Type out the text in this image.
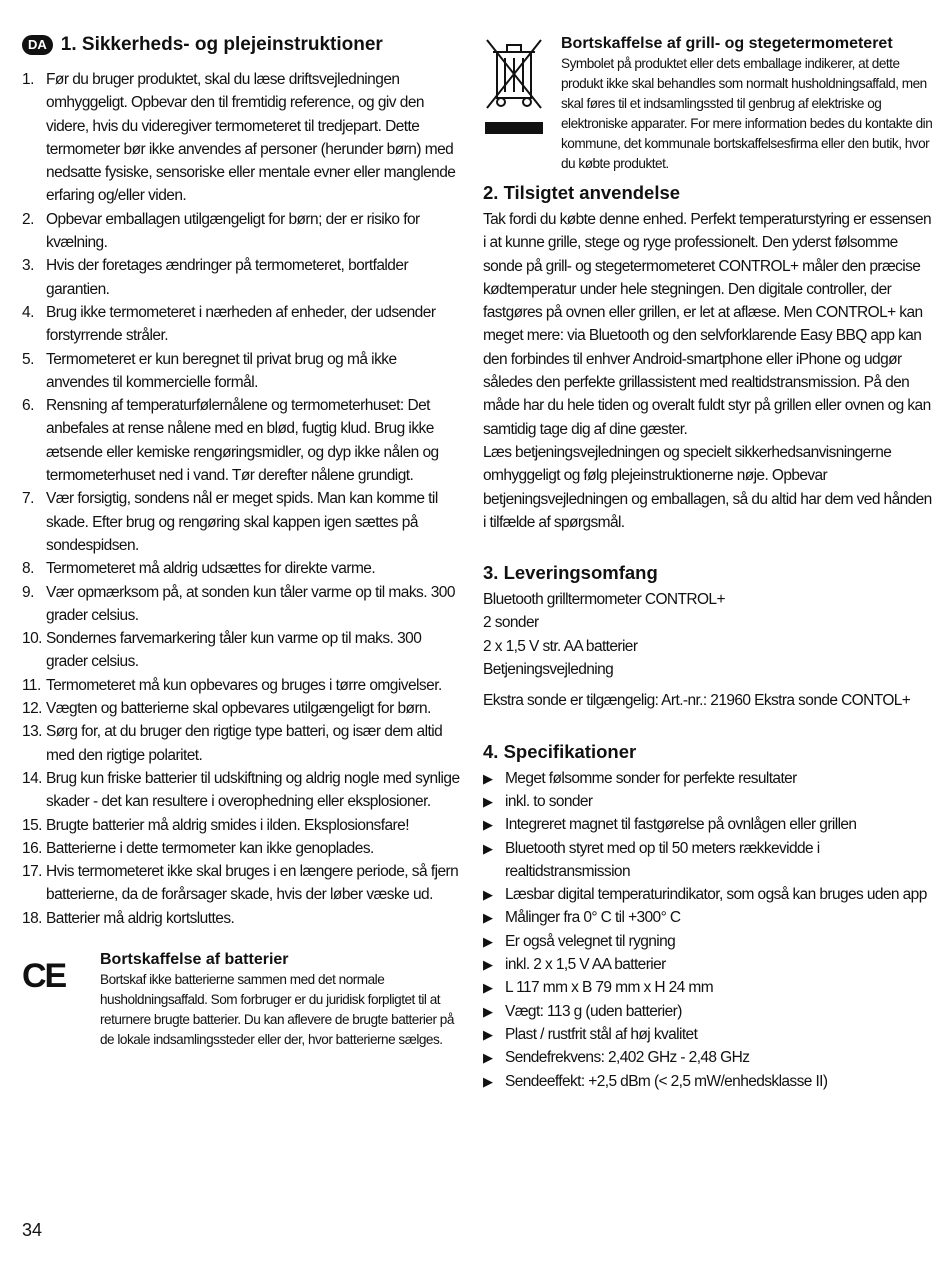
DA 1. Sikkerheds- og plejeinstruktioner
1. Før du bruger produktet, skal du læse driftsvejledningen omhyggeligt. Opbevar den til fremtidig reference, og giv den videre, hvis du videregiver termometeret til tredjepart. Dette termometer bør ikke anvendes af personer (herunder børn) med nedsatte fysiske, sensoriske eller mentale evner eller manglende erfaring og/eller viden.
2. Opbevar emballagen utilgængeligt for børn; der er risiko for kvælning.
3. Hvis der foretages ændringer på termometeret, bortfalder garantien.
4. Brug ikke termometeret i nærheden af enheder, der udsender forstyrrende stråler.
5. Termometeret er kun beregnet til privat brug og må ikke anvendes til kommercielle formål.
6. Rensning af temperaturfølernålene og termometerhuset: Det anbefales at rense nålene med en blød, fugtig klud. Brug ikke ætsende eller kemiske rengøringsmidler, og dyp ikke nålen og termometerhuset ned i vand. Tør derefter nålene grundigt.
7. Vær forsigtig, sondens nål er meget spids. Man kan komme til skade. Efter brug og rengøring skal kappen igen sættes på sondespidsen.
8. Termometeret må aldrig udsættes for direkte varme.
9. Vær opmærksom på, at sonden kun tåler varme op til maks. 300 grader celsius.
10. Sondernes farvemarkering tåler kun varme op til maks. 300 grader celsius.
11. Termometeret må kun opbevares og bruges i tørre omgivelser.
12. Vægten og batterierne skal opbevares utilgængeligt for børn.
13. Sørg for, at du bruger den rigtige type batteri, og især dem altid med den rigtige polaritet.
14. Brug kun friske batterier til udskiftning og aldrig nogle med synlige skader - det kan resultere i overophedning eller eksplosioner.
15. Brugte batterier må aldrig smides i ilden. Eksplosionsfare!
16. Batterierne i dette termometer kan ikke genoplades.
17. Hvis termometeret ikke skal bruges i en længere periode, så fjern batterierne, da de forårsager skade, hvis der løber væske ud.
18. Batterier må aldrig kortsluttes.
CE	Bortskaffelse af batterier
Bortskaf ikke batterierne sammen med det normale husholdningsaffald. Som forbruger er du juridisk forpligtet til at returnere brugte batterier. Du kan aflevere de brugte batterier på de lokale indsamlingssteder eller der, hvor batterierne sælges.
Bortskaffelse af grill- og stegetermometeret
Symbolet på produktet eller dets emballage indikerer, at dette produkt ikke skal behandles som normalt husholdningsaffald, men skal føres til et indsamlingssted til genbrug af elektriske og elektroniske apparater. For mere information bedes du kontakte din kommune, det kommunale bortskaffelsesfirma eller den butik, hvor du købte produktet.
2. Tilsigtet anvendelse

Tak fordi du købte denne enhed. Perfekt temperaturstyring er essensen i at kunne grille, stege og ryge professionelt. Den yderst følsomme sonde på grill- og stegetermometeret CONTROL+ måler den præcise kødtemperatur under hele stegningen. Den digitale controller, der fastgøres på ovnen eller grillen, er let at aflæse. Men CONTROL+ kan meget mere: via Bluetooth og den selvforklarende Easy BBQ app kan den forbindes til enhver Android-smartphone eller iPhone og udgør således den perfekte grillassistent med realtidstransmission. På den måde har du hele tiden og overalt fuldt styr på grillen eller ovnen og kan samtidig tage dig af dine gæster.

Læs betjeningsvejledningen og specielt sikkerhedsanvisningerne omhyggeligt og følg plejeinstruktionerne nøje. Opbevar betjeningsvejledningen og emballagen, så du altid har dem ved hånden i tilfælde af spørgsmål.

3. Leveringsomfang
Bluetooth grilltermometer CONTROL+
2 sonder
2 x 1,5 V str. AA batterier
Betjeningsvejledning
Ekstra sonde er tilgængelig: Art.-nr.: 21960 Ekstra sonde CONTOL+
4. Specifikationer
▶ Meget følsomme sonder for perfekte resultater
▶ inkl. to sonder
▶ Integreret magnet til fastgørelse på ovnlågen eller grillen
▶ Bluetooth styret med op til 50 meters rækkevidde i realtidstransmission
▶ Læsbar digital temperaturindikator, som også kan bruges uden app
▶ Målinger fra 0° C til +300° C
▶ Er også velegnet til rygning
▶ inkl. 2 x 1,5 V AA batterier
▶ L 117 mm x B 79 mm x H 24 mm
▶ Vægt: 113 g (uden batterier)
▶ Plast / rustfrit stål af høj kvalitet
▶ Sendefrekvens: 2,402 GHz - 2,48 GHz
▶ Sendeeffekt: +2,5 dBm (< 2,5 mW/enhedsklasse II)
34
